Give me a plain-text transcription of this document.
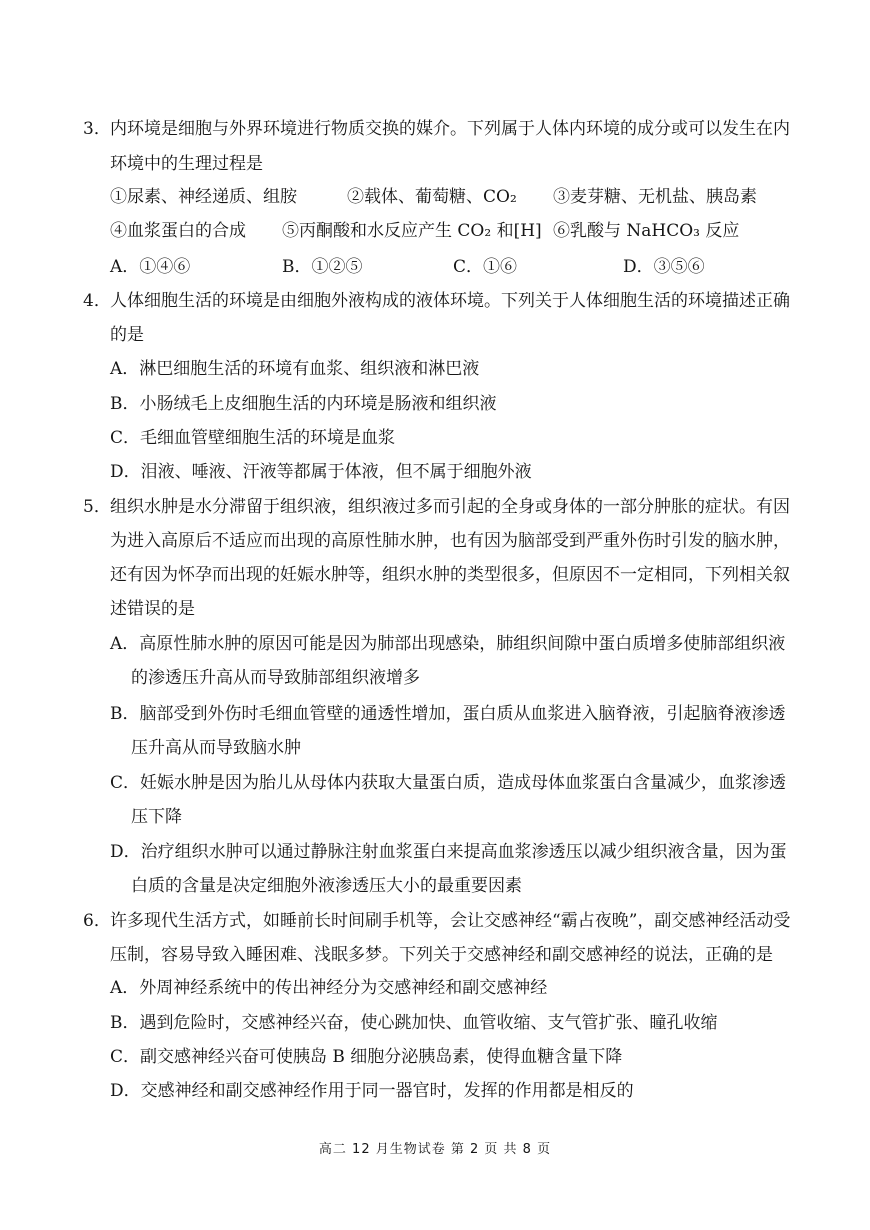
3． 内环境是细胞与外界环境进行物质交换的媒介。下列属于人体内环境的成分或可以发生在内
环境中的生理过程是
①尿素、神经递质、组胺	②载体、葡萄糖、CO₂ ③麦芽糖、无机盐、胰岛素
④血浆蛋白的合成 ⑤丙酮酸和水反应产生 CO₂ 和[H] ⑥乳酸与 NaHCO₃ 反应
A．①④⑥	B．①②⑤	C．①⑥	D．③⑤⑥
4． 人体细胞生活的环境是由细胞外液构成的液体环境。下列关于人体细胞生活的环境描述正确
的是
A．淋巴细胞生活的环境有血浆、组织液和淋巴液
B．小肠绒毛上皮细胞生活的内环境是肠液和组织液
C．毛细血管壁细胞生活的环境是血浆
D．泪液、唾液、汗液等都属于体液，但不属于细胞外液
5． 组织水肿是水分滞留于组织液，组织液过多而引起的全身或身体的一部分肿胀的症状。有因
为进入高原后不适应而出现的高原性肺水肿，也有因为脑部受到严重外伤时引发的脑水肿，
还有因为怀孕而出现的妊娠水肿等，组织水肿的类型很多，但原因不一定相同，下列相关叙
述错误的是
A．高原性肺水肿的原因可能是因为肺部出现感染，肺组织间隙中蛋白质增多使肺部组织液
的渗透压升高从而导致肺部组织液增多
B．脑部受到外伤时毛细血管壁的通透性增加，蛋白质从血浆进入脑脊液，引起脑脊液渗透
压升高从而导致脑水肿
C．妊娠水肿是因为胎儿从母体内获取大量蛋白质，造成母体血浆蛋白含量减少，血浆渗透
压下降
D．治疗组织水肿可以通过静脉注射血浆蛋白来提高血浆渗透压以减少组织液含量，因为蛋
白质的含量是决定细胞外液渗透压大小的最重要因素
6． 许多现代生活方式，如睡前长时间刷手机等，会让交感神经“霸占夜晚”，副交感神经活动受
压制，容易导致入睡困难、浅眠多梦。下列关于交感神经和副交感神经的说法，正确的是
A．外周神经系统中的传出神经分为交感神经和副交感神经
B．遇到危险时，交感神经兴奋，使心跳加快、血管收缩、支气管扩张、瞳孔收缩
C．副交感神经兴奋可使胰岛 B 细胞分泌胰岛素，使得血糖含量下降
D．交感神经和副交感神经作用于同一器官时，发挥的作用都是相反的
高二 12 月生物试卷 第 2 页 共 8 页
